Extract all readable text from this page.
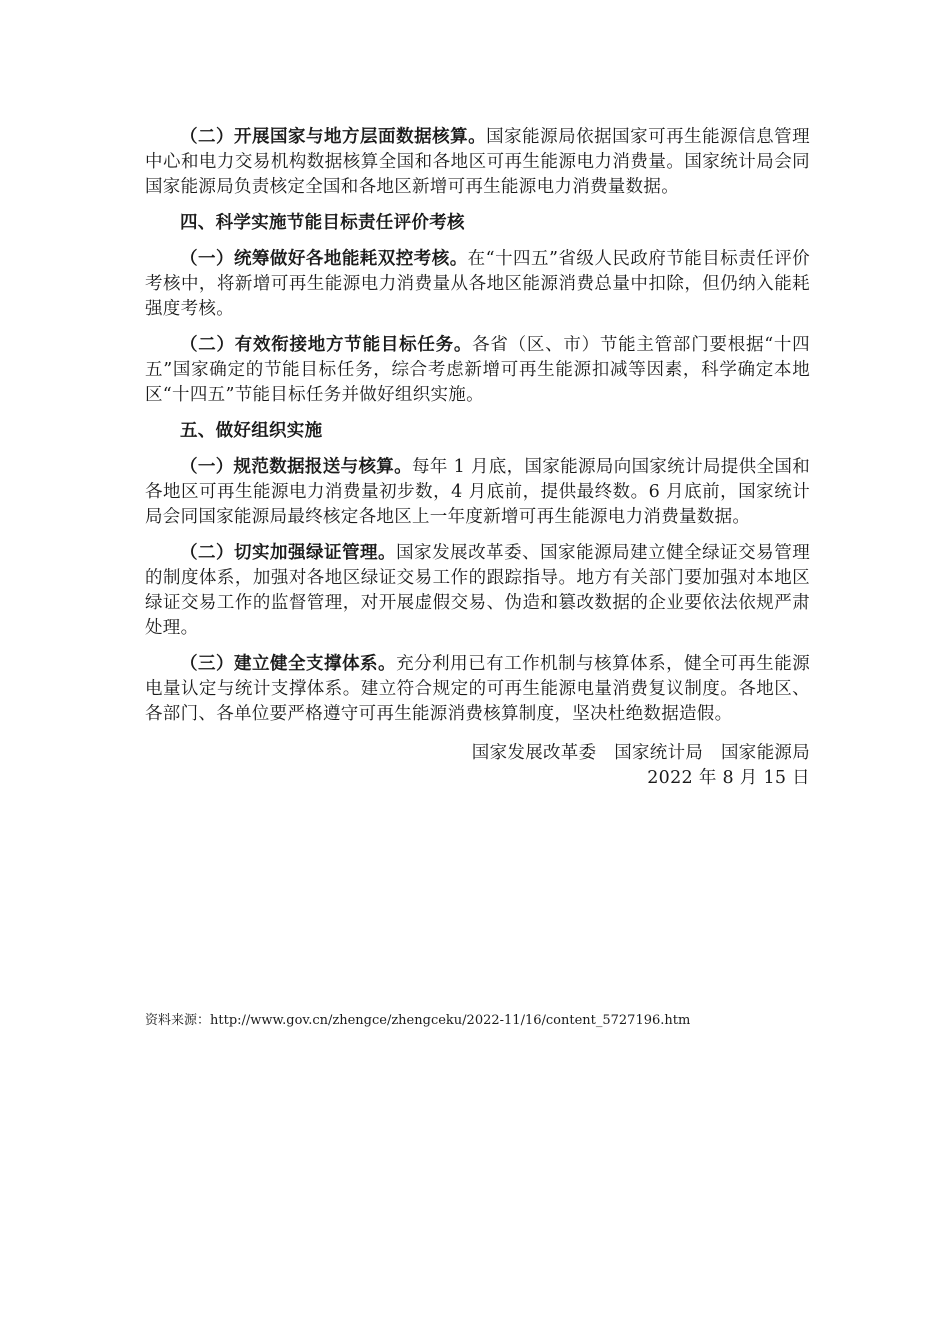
（二）开展国家与地方层面数据核算。国家能源局依据国家可再生能源信息管理中心和电力交易机构数据核算全国和各地区可再生能源电力消费量。国家统计局会同国家能源局负责核定全国和各地区新增可再生能源电力消费量数据。

四、科学实施节能目标责任评价考核

（一）统筹做好各地能耗双控考核。在“十四五”省级人民政府节能目标责任评价考核中，将新增可再生能源电力消费量从各地区能源消费总量中扣除，但仍纳入能耗强度考核。

（二）有效衔接地方节能目标任务。各省（区、市）节能主管部门要根据“十四五”国家确定的节能目标任务，综合考虑新增可再生能源扣减等因素，科学确定本地区“十四五”节能目标任务并做好组织实施。

五、做好组织实施

（一）规范数据报送与核算。每年 1 月底，国家能源局向国家统计局提供全国和各地区可再生能源电力消费量初步数，4 月底前，提供最终数。6 月底前，国家统计局会同国家能源局最终核定各地区上一年度新增可再生能源电力消费量数据。

（二）切实加强绿证管理。国家发展改革委、国家能源局建立健全绿证交易管理的制度体系，加强对各地区绿证交易工作的跟踪指导。地方有关部门要加强对本地区绿证交易工作的监督管理，对开展虚假交易、伪造和篡改数据的企业要依法依规严肃处理。

（三）建立健全支撑体系。充分利用已有工作机制与核算体系，健全可再生能源电量认定与统计支撑体系。建立符合规定的可再生能源电量消费复议制度。各地区、各部门、各单位要严格遵守可再生能源消费核算制度，坚决杜绝数据造假。

国家发展改革委　国家统计局　国家能源局
2022 年 8 月 15 日
资料来源：http://www.gov.cn/zhengce/zhengceku/2022-11/16/content_5727196.htm
